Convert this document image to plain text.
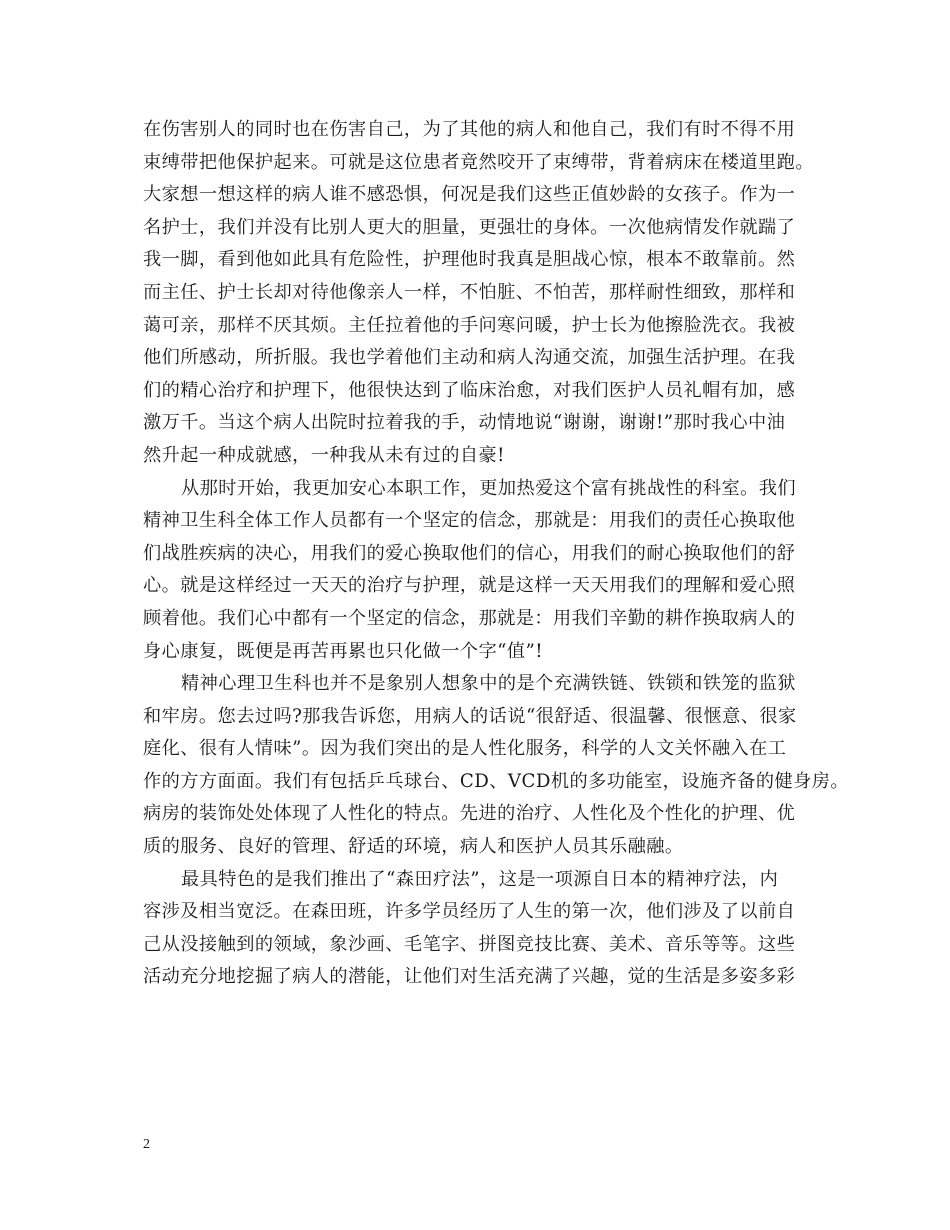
在伤害别人的同时也在伤害自己，为了其他的病人和他自己，我们有时不得不用
束缚带把他保护起来。可就是这位患者竟然咬开了束缚带，背着病床在楼道里跑。
大家想一想这样的病人谁不感恐惧，何况是我们这些正值妙龄的女孩子。作为一
名护士，我们并没有比别人更大的胆量，更强壮的身体。一次他病情发作就踹了
我一脚，看到他如此具有危险性，护理他时我真是胆战心惊，根本不敢靠前。然
而主任、护士长却对待他像亲人一样，不怕脏、不怕苦，那样耐性细致，那样和
蔼可亲，那样不厌其烦。主任拉着他的手问寒问暖，护士长为他擦脸洗衣。我被
他们所感动，所折服。我也学着他们主动和病人沟通交流，加强生活护理。在我
们的精心治疗和护理下，他很快达到了临床治愈，对我们医护人员礼帽有加，感
激万千。当这个病人出院时拉着我的手，动情地说“谢谢，谢谢!”那时我心中油
然升起一种成就感，一种我从未有过的自豪!
从那时开始，我更加安心本职工作，更加热爱这个富有挑战性的科室。我们
精神卫生科全体工作人员都有一个坚定的信念，那就是：用我们的责任心换取他
们战胜疾病的决心，用我们的爱心换取他们的信心，用我们的耐心换取他们的舒
心。就是这样经过一天天的治疗与护理，就是这样一天天用我们的理解和爱心照
顾着他。我们心中都有一个坚定的信念，那就是：用我们辛勤的耕作换取病人的
身心康复，既便是再苦再累也只化做一个字“值”!
精神心理卫生科也并不是象别人想象中的是个充满铁链、铁锁和铁笼的监狱
和牢房。您去过吗?那我告诉您，用病人的话说“很舒适、很温馨、很惬意、很家
庭化、很有人情味”。因为我们突出的是人性化服务，科学的人文关怀融入在工
作的方方面面。我们有包括乒乓球台、CD、VCD机的多功能室，设施齐备的健身房。
病房的装饰处处体现了人性化的特点。先进的治疗、人性化及个性化的护理、优
质的服务、良好的管理、舒适的环境，病人和医护人员其乐融融。
最具特色的是我们推出了“森田疗法”，这是一项源自日本的精神疗法，内
容涉及相当宽泛。在森田班，许多学员经历了人生的第一次，他们涉及了以前自
己从没接触到的领域，象沙画、毛笔字、拼图竞技比赛、美术、音乐等等。这些
活动充分地挖掘了病人的潜能，让他们对生活充满了兴趣，觉的生活是多姿多彩
2
